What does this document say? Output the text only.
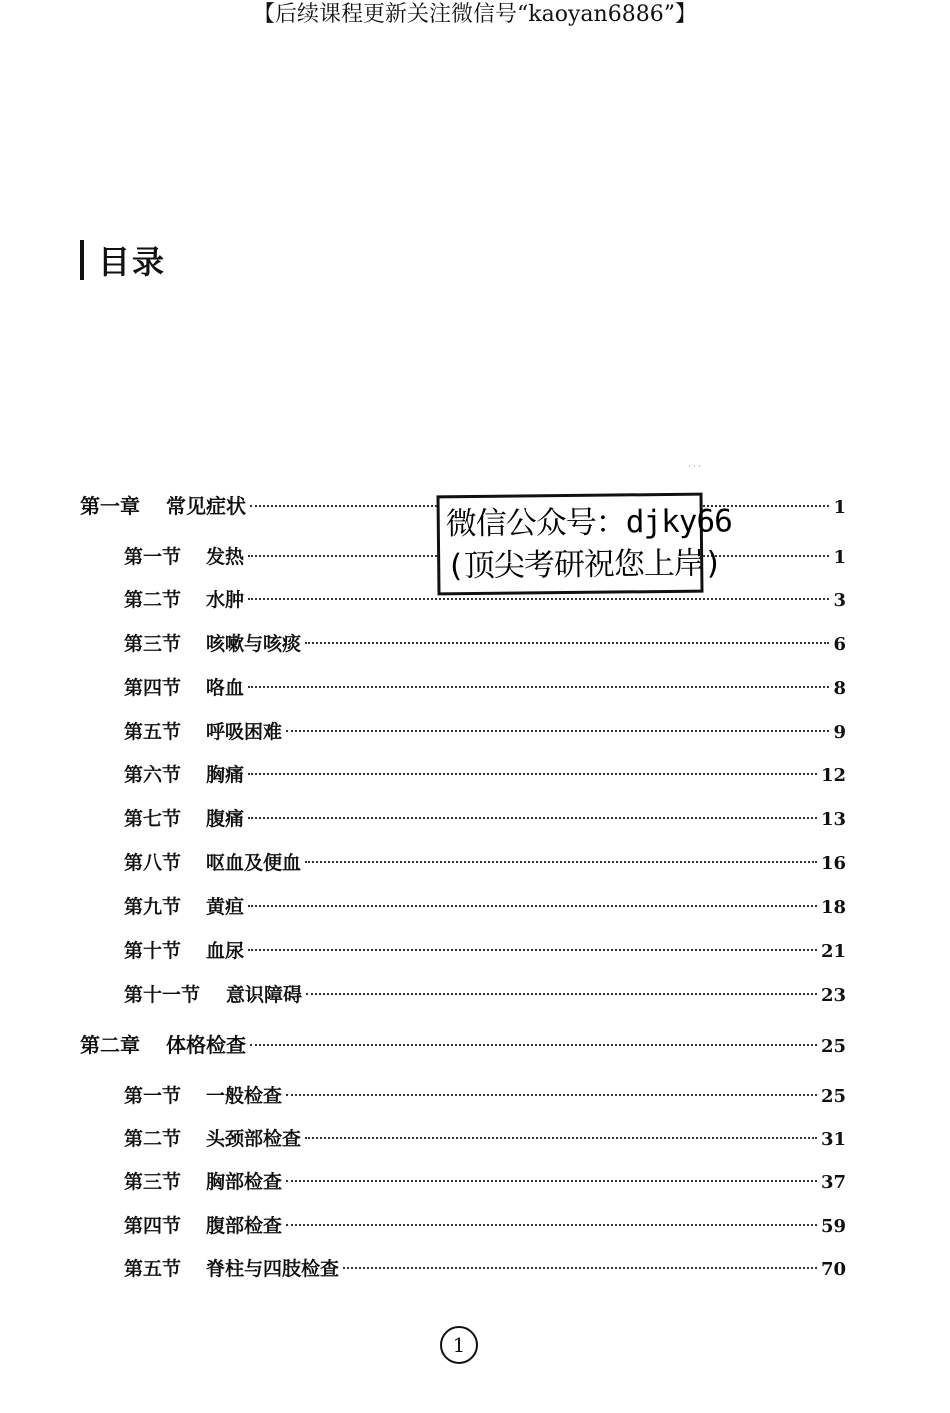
【后续课程更新关注微信号“kaoyan6886”】
目录
第一章	常见症状	1
第一节	发热	1
第二节	水肿	3
第三节	咳嗽与咳痰	6
第四节	咯血	8
第五节	呼吸困难	9
第六节	胸痛	12
第七节	腹痛	13
第八节	呕血及便血	16
第九节	黄疸	18
第十节	血尿	21
第十一节	意识障碍	23
第二章	体格检查	25
第一节	一般检查	25
第二节	头颈部检查	31
第三节	胸部检查	37
第四节	腹部检查	59
第五节	脊柱与四肢检查	70
· · ·
微信公众号：djky66
(顶尖考研祝您上岸)
1
